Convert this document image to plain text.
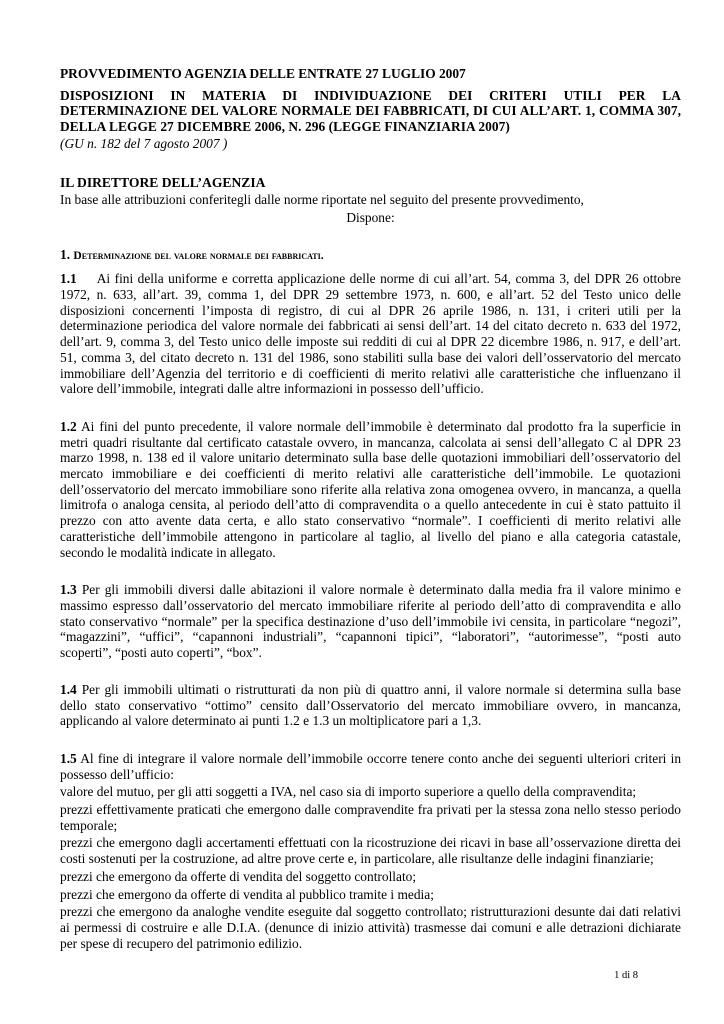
PROVVEDIMENTO AGENZIA DELLE ENTRATE 27 LUGLIO 2007

DISPOSIZIONI IN MATERIA DI INDIVIDUAZIONE DEI CRITERI UTILI PER LA DETERMINAZIONE DEL VALORE NORMALE DEI FABBRICATI, DI CUI ALL’ART. 1, COMMA 307, DELLA LEGGE 27 DICEMBRE 2006, N. 296 (LEGGE FINANZIARIA 2007)

(GU n. 182 del 7 agosto 2007 )

IL DIRETTORE DELL’AGENZIA

In base alle attribuzioni conferitegli dalle norme riportate nel seguito del presente provvedimento,

Dispone:

1. Determinazione del valore normale dei fabbricati.

1.1 Ai fini della uniforme e corretta applicazione delle norme di cui all’art. 54, comma 3, del DPR 26 ottobre 1972, n. 633, all’art. 39, comma 1, del DPR 29 settembre 1973, n. 600, e all’art. 52 del Testo unico delle disposizioni concernenti l’imposta di registro, di cui al DPR 26 aprile 1986, n. 131, i criteri utili per la determinazione periodica del valore normale dei fabbricati ai sensi dell’art. 14 del citato decreto n. 633 del 1972, dell’art. 9, comma 3, del Testo unico delle imposte sui redditi di cui al DPR 22 dicembre 1986, n. 917, e dell’art. 51, comma 3, del citato decreto n. 131 del 1986, sono stabiliti sulla base dei valori dell’osservatorio del mercato immobiliare dell’Agenzia del territorio e di coefficienti di merito relativi alle caratteristiche che influenzano il valore dell’immobile, integrati dalle altre informazioni in possesso dell’ufficio.

1.2 Ai fini del punto precedente, il valore normale dell’immobile è determinato dal prodotto fra la superficie in metri quadri risultante dal certificato catastale ovvero, in mancanza, calcolata ai sensi dell’allegato C al DPR 23 marzo 1998, n. 138 ed il valore unitario determinato sulla base delle quotazioni immobiliari dell’osservatorio del mercato immobiliare e dei coefficienti di merito relativi alle caratteristiche dell’immobile. Le quotazioni dell’osservatorio del mercato immobiliare sono riferite alla relativa zona omogenea ovvero, in mancanza, a quella limitrofa o analoga censita, al periodo dell’atto di compravendita o a quello antecedente in cui è stato pattuito il prezzo con atto avente data certa, e allo stato conservativo “normale”. I coefficienti di merito relativi alle caratteristiche dell’immobile attengono in particolare al taglio, al livello del piano e alla categoria catastale, secondo le modalità indicate in allegato.

1.3 Per gli immobili diversi dalle abitazioni il valore normale è determinato dalla media fra il valore minimo e massimo espresso dall’osservatorio del mercato immobiliare riferite al periodo dell’atto di compravendita e allo stato conservativo “normale” per la specifica destinazione d’uso dell’immobile ivi censita, in particolare “negozi”, “magazzini”, “uffici”, “capannoni industriali”, “capannoni tipici”, “laboratori”, “autorimesse”, “posti auto scoperti”, “posti auto coperti”, “box”.

1.4 Per gli immobili ultimati o ristrutturati da non più di quattro anni, il valore normale si determina sulla base dello stato conservativo “ottimo” censito dall’Osservatorio del mercato immobiliare ovvero, in mancanza, applicando al valore determinato ai punti 1.2 e 1.3 un moltiplicatore pari a 1,3.

1.5 Al fine di integrare il valore normale dell’immobile occorre tenere conto anche dei seguenti ulteriori criteri in possesso dell’ufficio:

valore del mutuo, per gli atti soggetti a IVA, nel caso sia di importo superiore a quello della compravendita;
prezzi effettivamente praticati che emergono dalle compravendite fra privati per la stessa zona nello stesso periodo temporale;
prezzi che emergono dagli accertamenti effettuati con la ricostruzione dei ricavi in base all’osservazione diretta dei costi sostenuti per la costruzione, ad altre prove certe e, in particolare, alle risultanze delle indagini finanziarie;
prezzi che emergono da offerte di vendita del soggetto controllato;
prezzi che emergono da offerte di vendita al pubblico tramite i media;
prezzi che emergono da analoghe vendite eseguite dal soggetto controllato; ristrutturazioni desunte dai dati relativi ai permessi di costruire e alle D.I.A. (denunce di inizio attività) trasmesse dai comuni e alle detrazioni dichiarate per spese di recupero del patrimonio edilizio.
1 di 8
